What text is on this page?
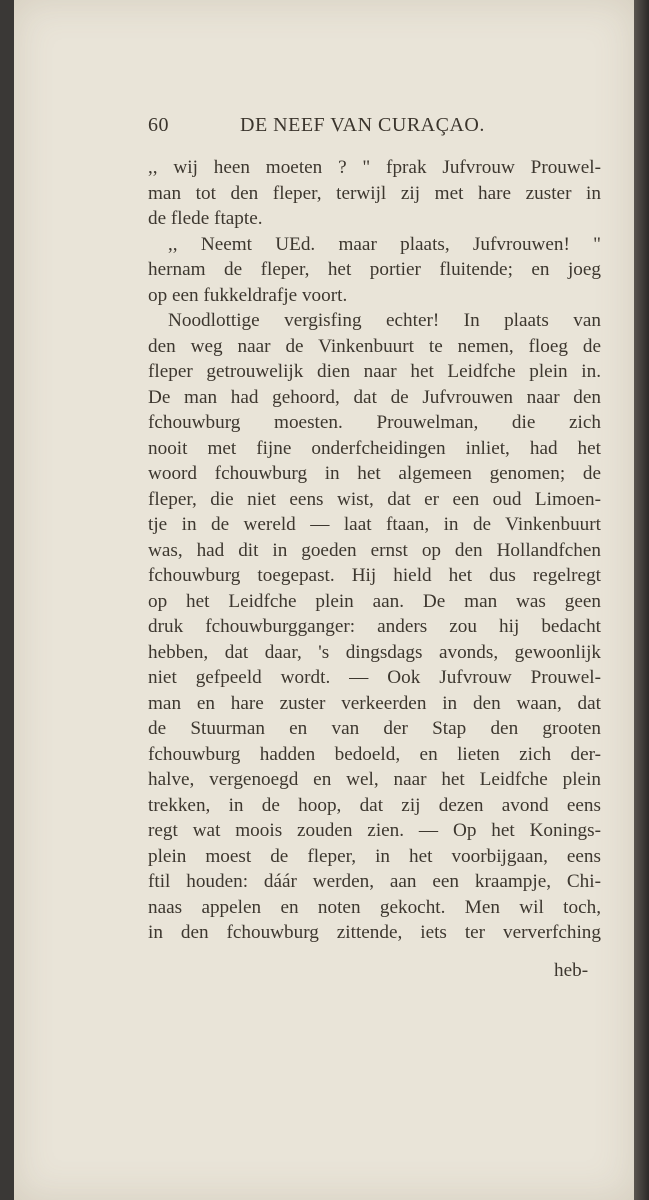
60	DE NEEF VAN CURAÇAO.
,, wij heen moeten ? " fprak Jufvrouw Prouwel-
man tot den fleper, terwijl zij met hare zuster in
de flede ftapte.
,, Neemt UEd. maar plaats, Jufvrouwen! "
hernam de fleper, het portier fluitende; en joeg
op een fukkeldrafje voort.
Noodlottige vergisfing echter! In plaats van
den weg naar de Vinkenbuurt te nemen, floeg de
fleper getrouwelijk dien naar het Leidfche plein in.
De man had gehoord, dat de Jufvrouwen naar den
fchouwburg moesten. Prouwelman, die zich
nooit met fijne onderfcheidingen inliet, had het
woord fchouwburg in het algemeen genomen; de
fleper, die niet eens wist, dat er een oud Limoen-
tje in de wereld — laat ftaan, in de Vinkenbuurt
was, had dit in goeden ernst op den Hollandfchen
fchouwburg toegepast. Hij hield het dus regelregt
op het Leidfche plein aan. De man was geen
druk fchouwburgganger: anders zou hij bedacht
hebben, dat daar, 's dingsdags avonds, gewoonlijk
niet gefpeeld wordt. — Ook Jufvrouw Prouwel-
man en hare zuster verkeerden in den waan, dat
de Stuurman en van der Stap den grooten
fchouwburg hadden bedoeld, en lieten zich der-
halve, vergenoegd en wel, naar het Leidfche plein
trekken, in de hoop, dat zij dezen avond eens
regt wat moois zouden zien. — Op het Konings-
plein moest de fleper, in het voorbijgaan, eens
ftil houden: dáár werden, aan een kraampje, Chi-
naas appelen en noten gekocht. Men wil toch,
in den fchouwburg zittende, iets ter ververfching
heb-
